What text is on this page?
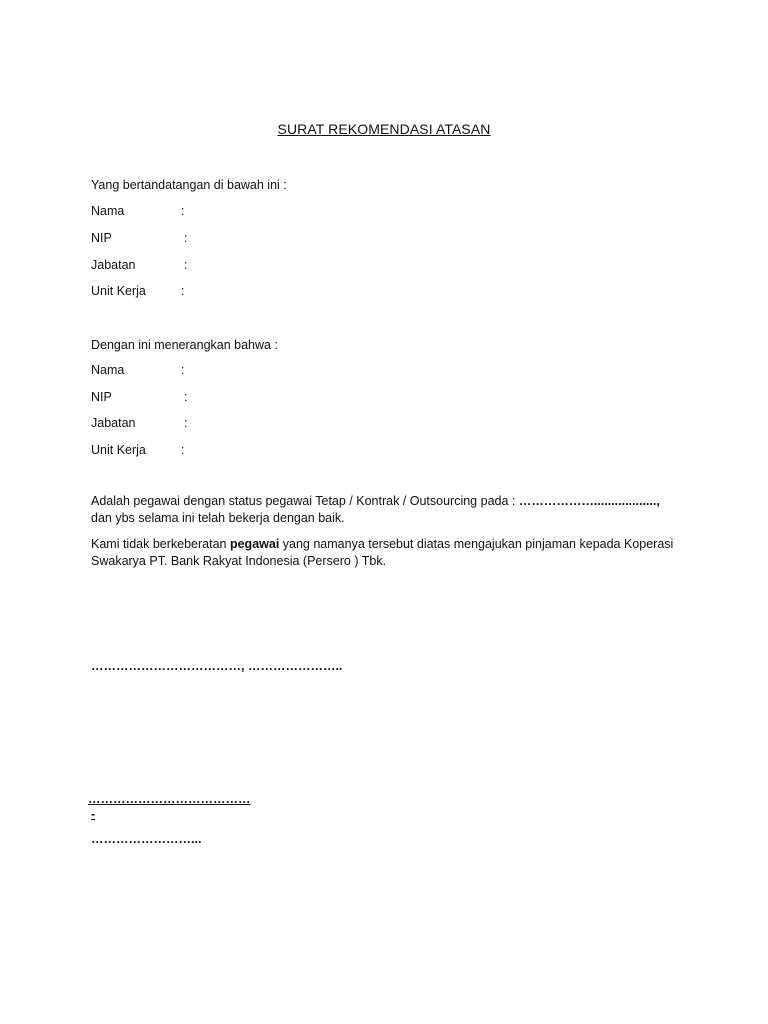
SURAT REKOMENDASI ATASAN
Yang bertandatangan di bawah ini :
Nama	:
NIP	:
Jabatan	:
Unit Kerja	:
Dengan ini menerangkan bahwa :
Nama	:
NIP	:
Jabatan	:
Unit Kerja	:
Adalah pegawai dengan status pegawai Tetap / Kontrak / Outsourcing pada : ………………..................,
dan ybs selama ini telah bekerja dengan baik.
Kami tidak berkeberatan pegawai yang namanya tersebut diatas mengajukan pinjaman kepada Koperasi
Swakarya PT. Bank Rakyat Indonesia (Persero ) Tbk.
………………………………, …………………..
…………………………………
-
……………………...
